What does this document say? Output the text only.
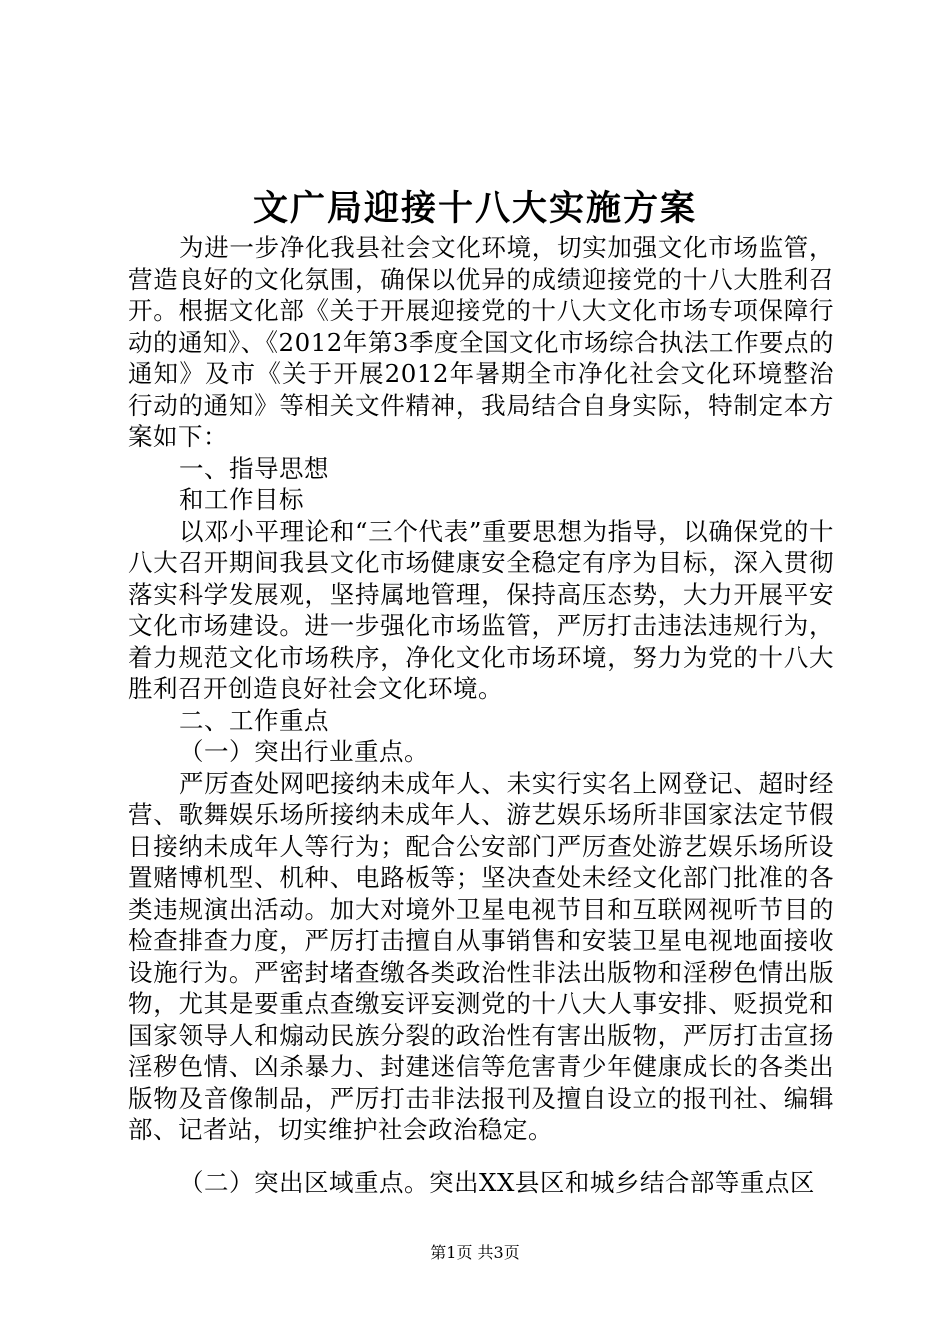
文广局迎接十八大实施方案

为进一步净化我县社会文化环境，切实加强文化市场监管，营造良好的文化氛围，确保以优异的成绩迎接党的十八大胜利召开。根据文化部《关于开展迎接党的十八大文化市场专项保障行动的通知》、《2012年第3季度全国文化市场综合执法工作要点的通知》及市《关于开展2012年暑期全市净化社会文化环境整治行动的通知》等相关文件精神，我局结合自身实际，特制定本方案如下：

一、指导思想

和工作目标

以邓小平理论和“三个代表”重要思想为指导，以确保党的十八大召开期间我县文化市场健康安全稳定有序为目标，深入贯彻落实科学发展观，坚持属地管理，保持高压态势，大力开展平安文化市场建设。进一步强化市场监管，严厉打击违法违规行为，着力规范文化市场秩序，净化文化市场环境，努力为党的十八大胜利召开创造良好社会文化环境。

二、工作重点

（一）突出行业重点。

严厉查处网吧接纳未成年人、未实行实名上网登记、超时经营、歌舞娱乐场所接纳未成年人、游艺娱乐场所非国家法定节假日接纳未成年人等行为；配合公安部门严厉查处游艺娱乐场所设置赌博机型、机种、电路板等；坚决查处未经文化部门批准的各类违规演出活动。加大对境外卫星电视节目和互联网视听节目的检查排查力度，严厉打击擅自从事销售和安装卫星电视地面接收设施行为。严密封堵查缴各类政治性非法出版物和淫秽色情出版物，尤其是要重点查缴妄评妄测党的十八大人事安排、贬损党和国家领导人和煽动民族分裂的政治性有害出版物，严厉打击宣扬淫秽色情、凶杀暴力、封建迷信等危害青少年健康成长的各类出版物及音像制品，严厉打击非法报刊及擅自设立的报刊社、编辑部、记者站，切实维护社会政治稳定。

（二）突出区域重点。突出XX县区和城乡结合部等重点区

第1页 共3页
